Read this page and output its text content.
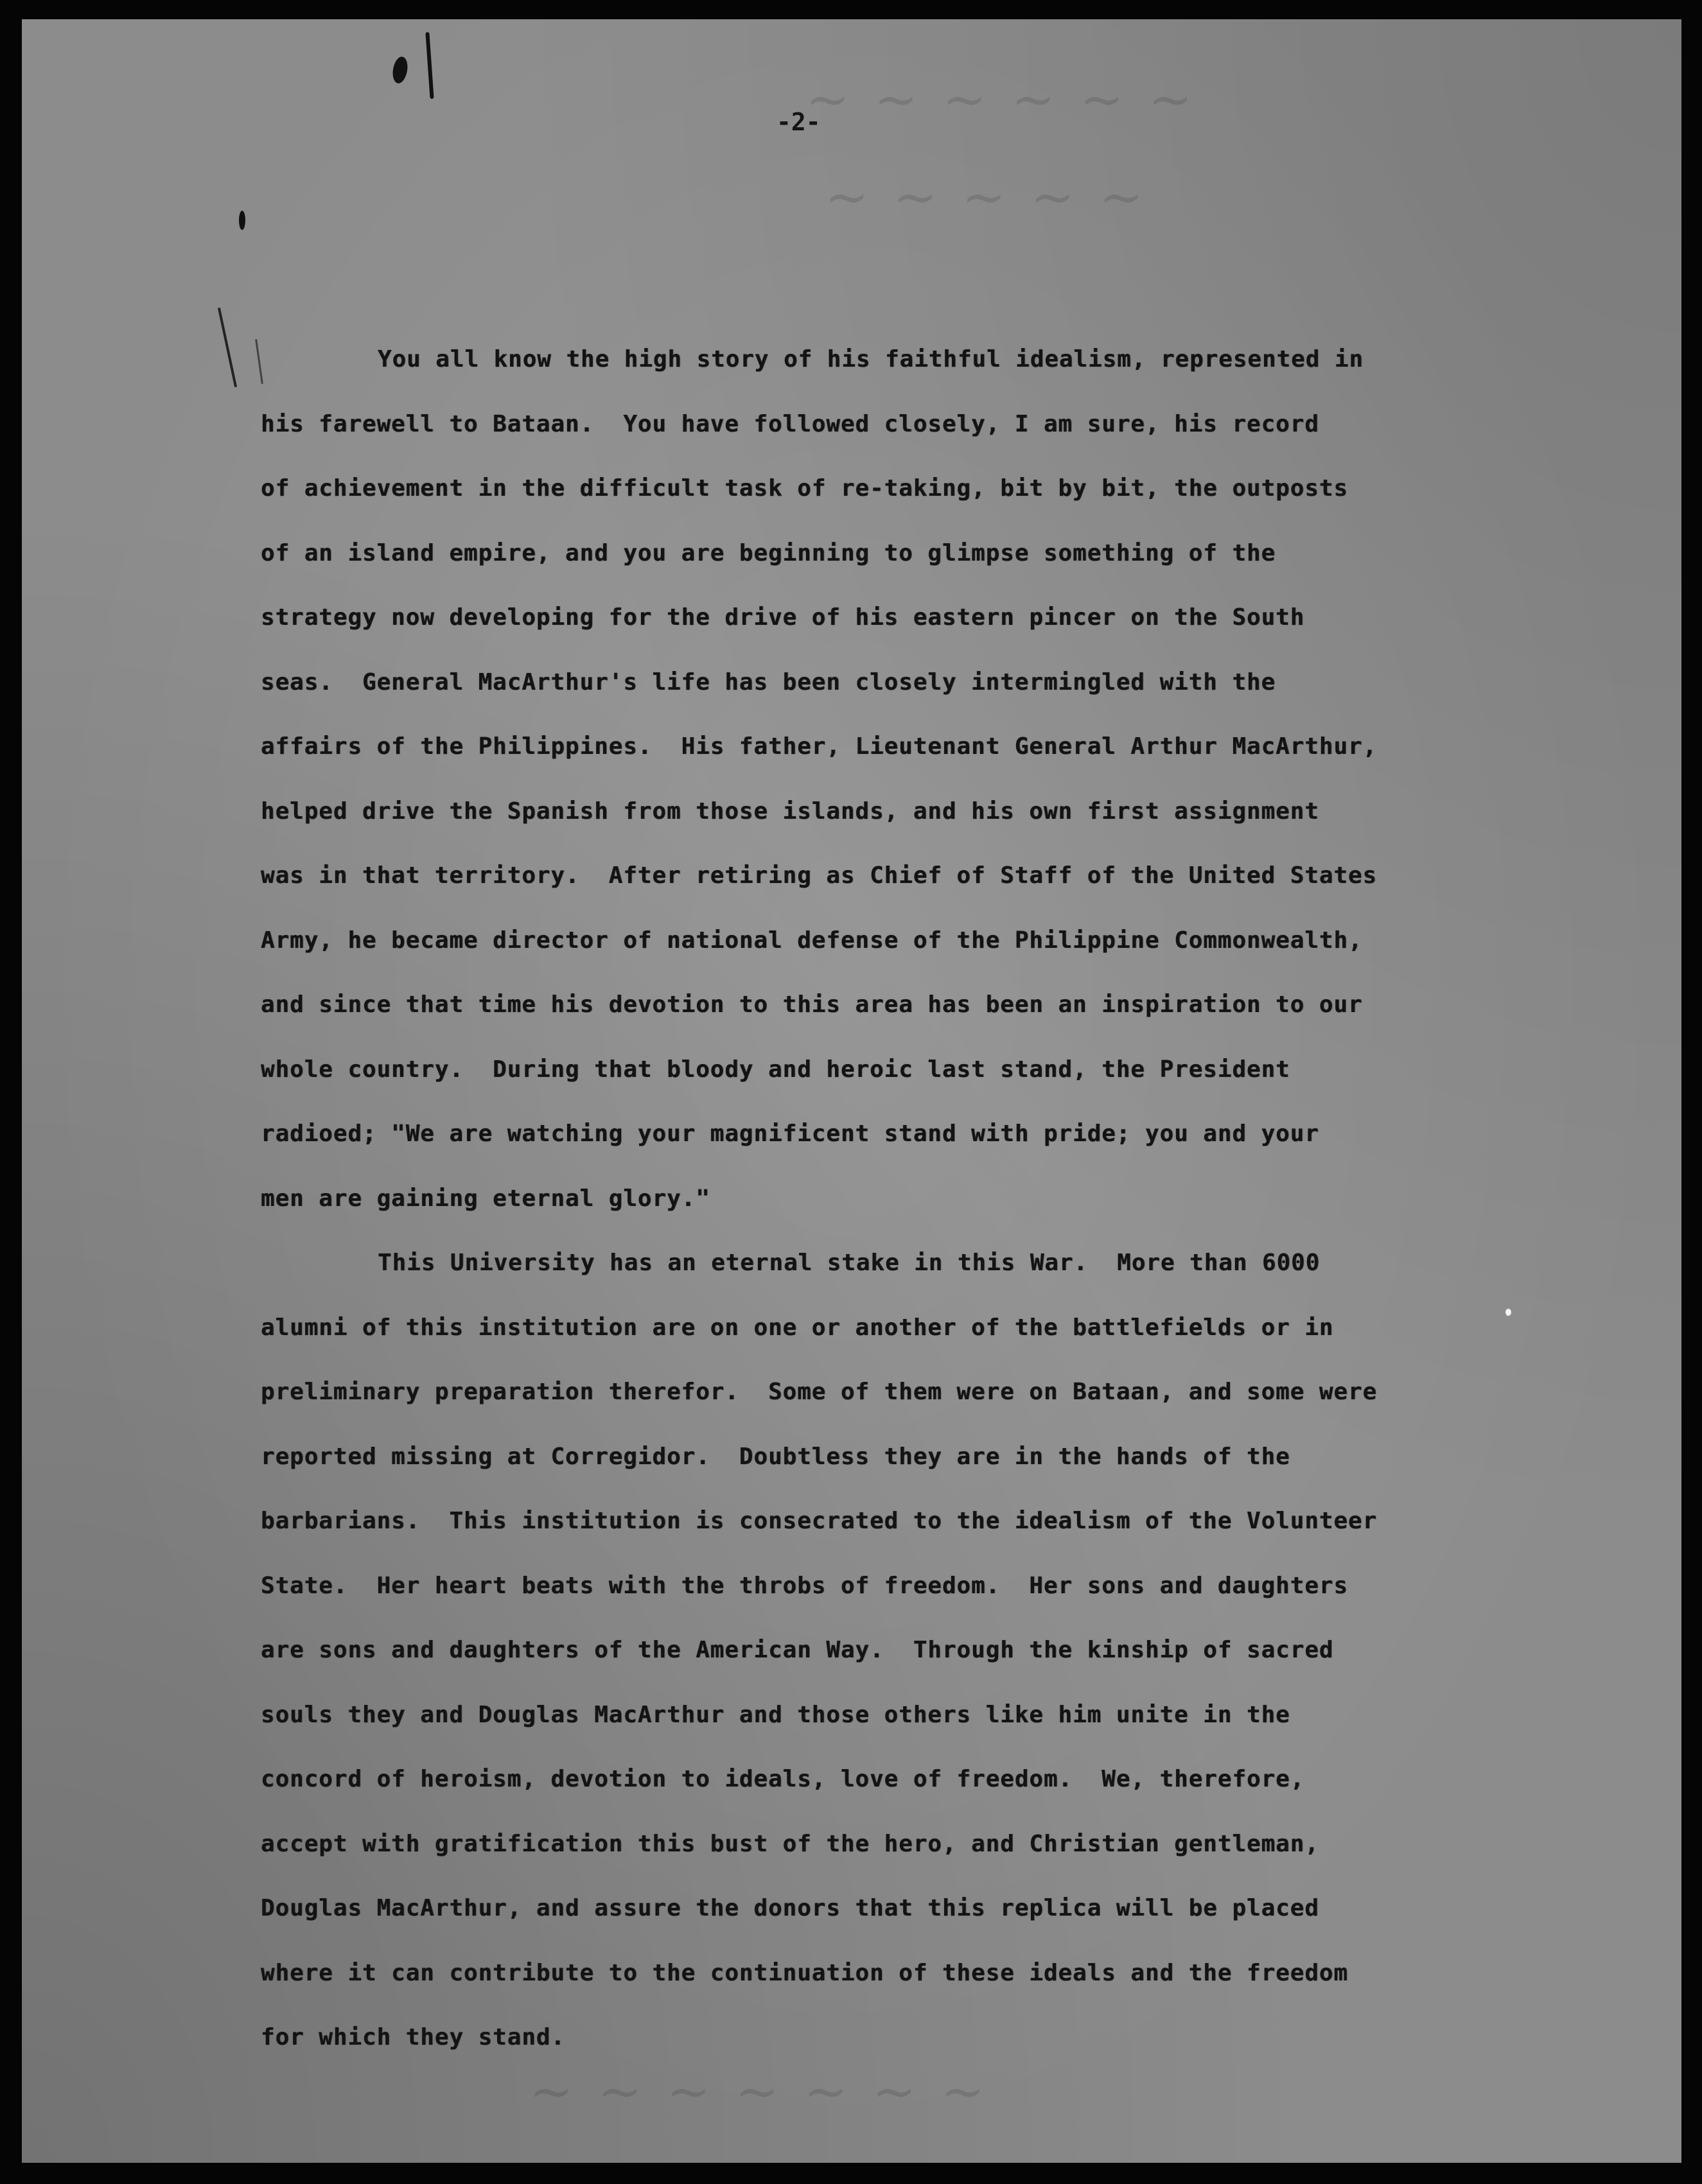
~ ~ ~ ~ ~ ~
~ ~ ~ ~ ~
~ ~ ~ ~ ~ ~ ~
-2-
You all know the high story of his faithful idealism, represented in
his farewell to Bataan.  You have followed closely, I am sure, his record
of achievement in the difficult task of re-taking, bit by bit, the outposts
of an island empire, and you are beginning to glimpse something of the
strategy now developing for the drive of his eastern pincer on the South
seas.  General MacArthur's life has been closely intermingled with the
affairs of the Philippines.  His father, Lieutenant General Arthur MacArthur,
helped drive the Spanish from those islands, and his own first assignment
was in that territory.  After retiring as Chief of Staff of the United States
Army, he became director of national defense of the Philippine Commonwealth,
and since that time his devotion to this area has been an inspiration to our
whole country.  During that bloody and heroic last stand, the President
radioed; "We are watching your magnificent stand with pride; you and your
men are gaining eternal glory."
This University has an eternal stake in this War.  More than 6000
alumni of this institution are on one or another of the battlefields or in
preliminary preparation therefor.  Some of them were on Bataan, and some were
reported missing at Corregidor.  Doubtless they are in the hands of the
barbarians.  This institution is consecrated to the idealism of the Volunteer
State.  Her heart beats with the throbs of freedom.  Her sons and daughters
are sons and daughters of the American Way.  Through the kinship of sacred
souls they and Douglas MacArthur and those others like him unite in the
concord of heroism, devotion to ideals, love of freedom.  We, therefore,
accept with gratification this bust of the hero, and Christian gentleman,
Douglas MacArthur, and assure the donors that this replica will be placed
where it can contribute to the continuation of these ideals and the freedom
for which they stand.
